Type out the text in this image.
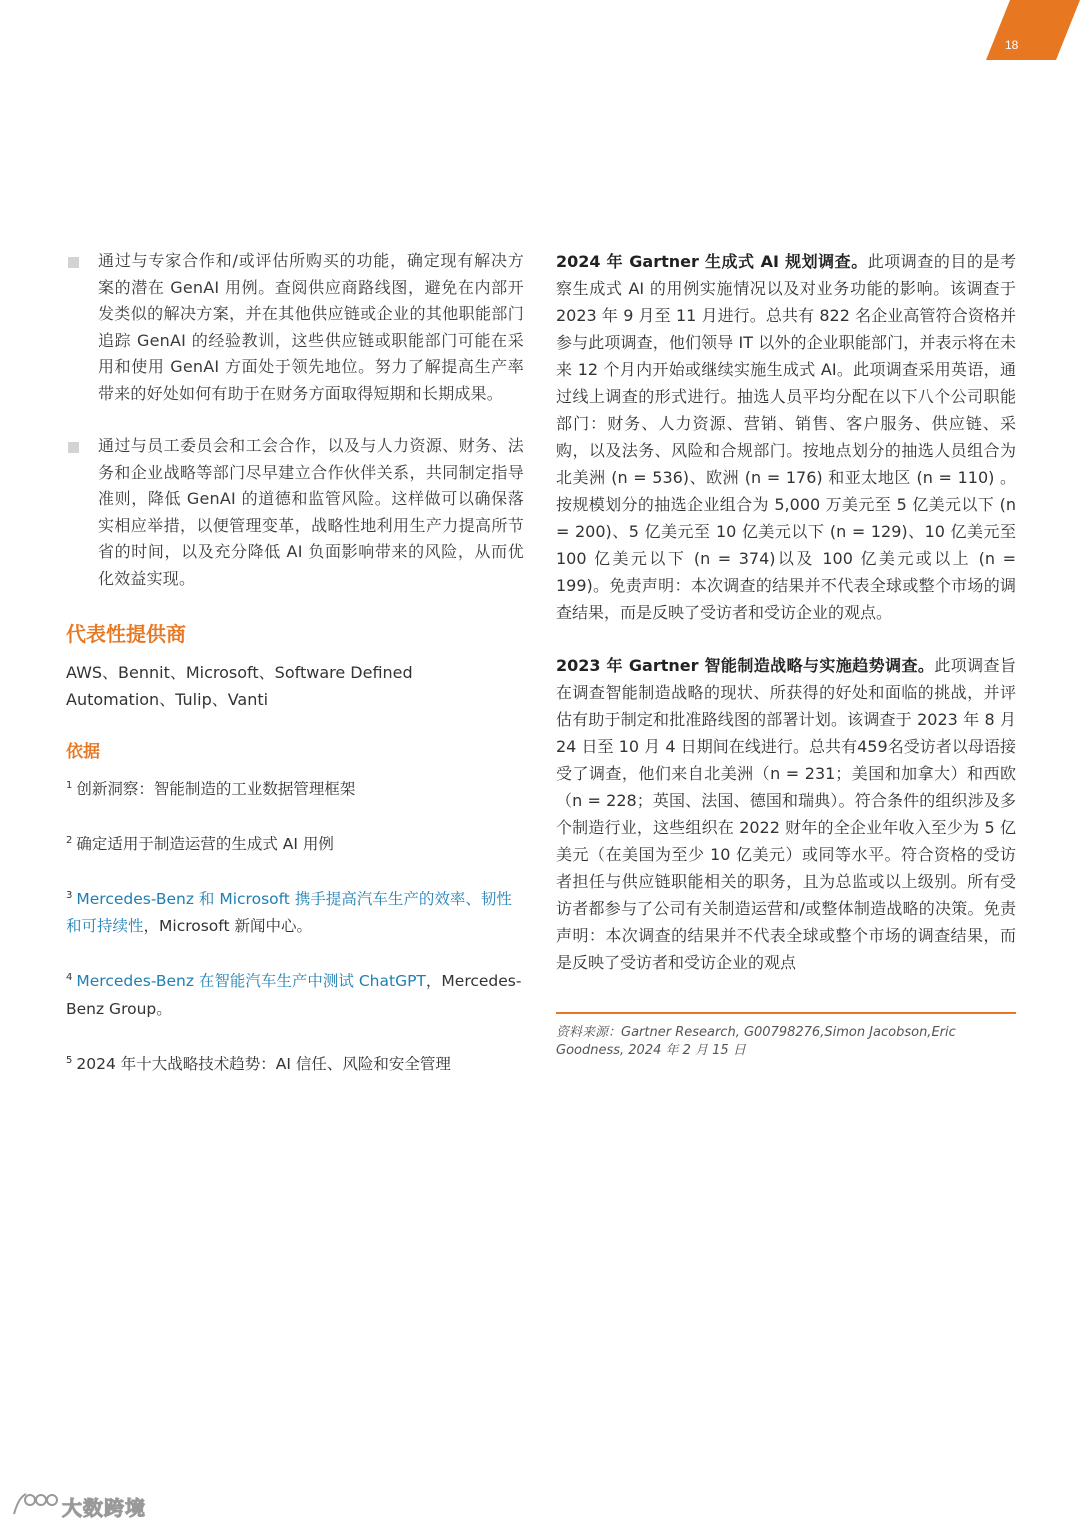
18
通过与专家合作和/或评估所购买的功能，确定现有解决方案的潜在 GenAI 用例。查阅供应商路线图，避免在内部开发类似的解决方案，并在其他供应链或企业的其他职能部门追踪 GenAI 的经验教训，这些供应链或职能部门可能在采用和使用 GenAI 方面处于领先地位。努力了解提高生产率带来的好处如何有助于在财务方面取得短期和长期成果。
通过与员工委员会和工会合作，以及与人力资源、财务、法务和企业战略等部门尽早建立合作伙伴关系，共同制定指导准则，降低 GenAI 的道德和监管风险。这样做可以确保落实相应举措，以便管理变革，战略性地利用生产力提高所节省的时间，以及充分降低 AI 负面影响带来的风险，从而优化效益实现。
代表性提供商

AWS、Bennit、Microsoft、Software Defined Automation、Tulip、Vanti

依据
$^1$ 创新洞察：智能制造的工业数据管理框架
$^2$ 确定适用于制造运营的生成式 AI 用例
$^3$ Mercedes-Benz 和 Microsoft 携手提高汽车生产的效率、韧性和可持续性，Microsoft 新闻中心。
$^4$ Mercedes-Benz 在智能汽车生产中测试 ChatGPT，Mercedes-Benz Group。
$^5$ 2024 年十大战略技术趋势：AI 信任、风险和安全管理

2024 年 Gartner 生成式 AI 规划调查。此项调查的目的是考察生成式 AI 的用例实施情况以及对业务功能的影响。该调查于 2023 年 9 月至 11 月进行。总共有 822 名企业高管符合资格并参与此项调查，他们领导 IT 以外的企业职能部门，并表示将在未来 12 个月内开始或继续实施生成式 AI。此项调查采用英语，通过线上调查的形式进行。抽选人员平均分配在以下八个公司职能部门：财务、人力资源、营销、销售、客户服务、供应链、采购，以及法务、风险和合规部门。按地点划分的抽选人员组合为北美洲 (n = 536)、欧洲 (n = 176) 和亚太地区 (n = 110) 。按规模划分的抽选企业组合为 5,000 万美元至 5 亿美元以下 (n = 200)、5 亿美元至 10 亿美元以下 (n = 129)、10 亿美元至 100 亿美元以下 (n = 374)以及 100 亿美元或以上 (n = 199)。免责声明：本次调查的结果并不代表全球或整个市场的调查结果，而是反映了受访者和受访企业的观点。

2023 年 Gartner 智能制造战略与实施趋势调查。此项调查旨在调查智能制造战略的现状、所获得的好处和面临的挑战，并评估有助于制定和批准路线图的部署计划。该调查于 2023 年 8 月 24 日至 10 月 4 日期间在线进行。总共有459名受访者以母语接受了调查，他们来自北美洲（n = 231；美国和加拿大）和西欧（n = 228；英国、法国、德国和瑞典）。符合条件的组织涉及多个制造行业，这些组织在 2022 财年的全企业年收入至少为 5 亿美元（在美国为至少 10 亿美元）或同等水平。符合资格的受访者担任与供应链职能相关的职务，且为总监或以上级别。所有受访者都参与了公司有关制造运营和/或整体制造战略的决策。免责声明：本次调查的结果并不代表全球或整个市场的调查结果，而是反映了受访者和受访企业的观点

资料来源：Gartner Research, G00798276,Simon Jacobson,Eric Goodness, 2024 年 2 月 15 日
大数跨境
